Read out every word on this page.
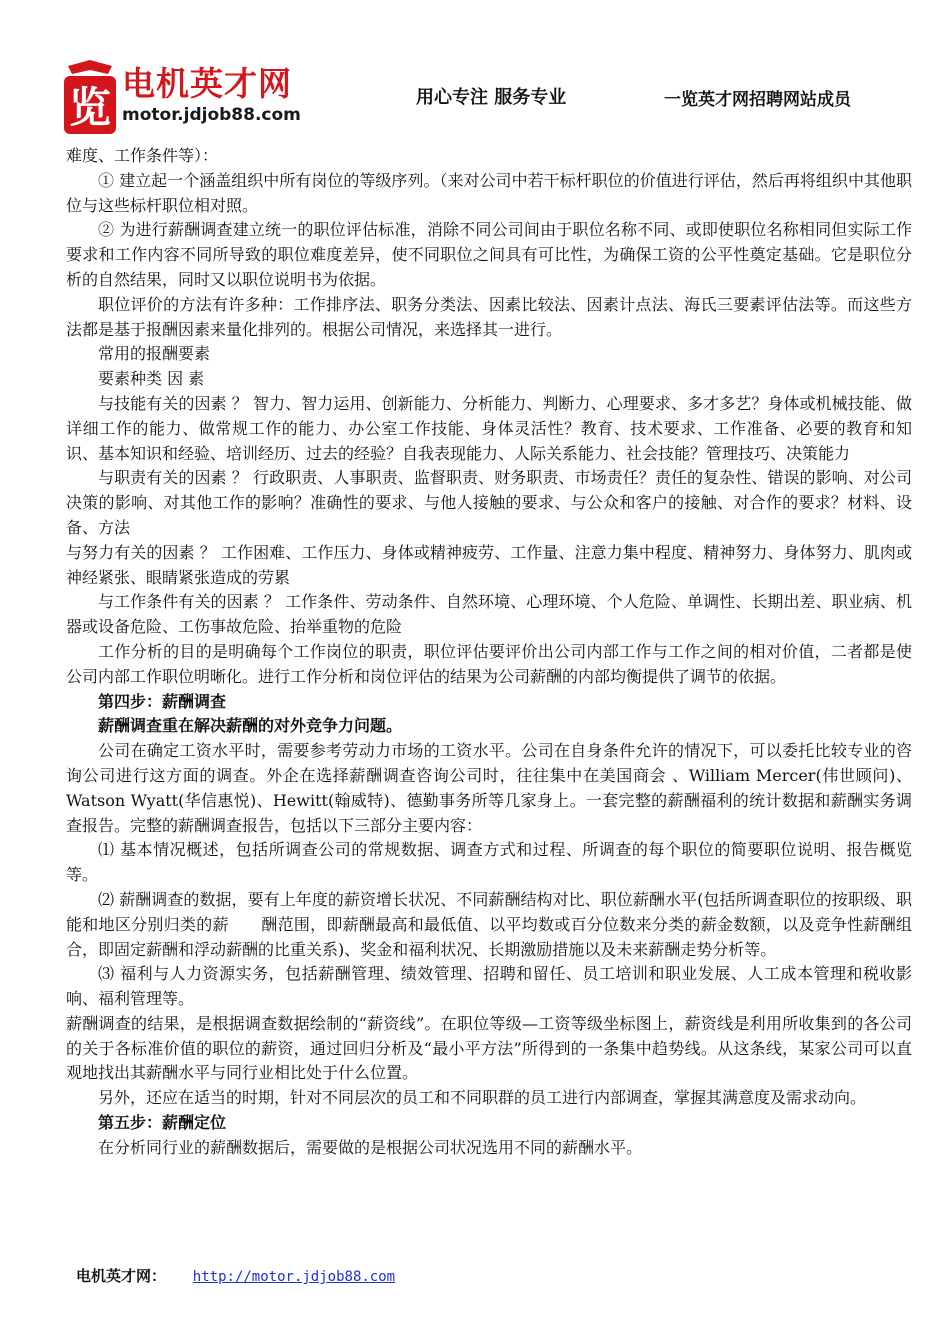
览 电机英才网
motor.jdjob88.com
用心专注 服务专业	一览英才网招聘网站成员

难度、工作条件等）：

① 建立起一个涵盖组织中所有岗位的等级序列。（来对公司中若干标杆职位的价值进行评估，然后再将组织中其他职位与这些标杆职位相对照。

② 为进行薪酬调查建立统一的职位评估标准，消除不同公司间由于职位名称不同、或即使职位名称相同但实际工作要求和工作内容不同所导致的职位难度差异，使不同职位之间具有可比性，为确保工资的公平性奠定基础。它是职位分析的自然结果，同时又以职位说明书为依据。

职位评价的方法有许多种：工作排序法、职务分类法、因素比较法、因素计点法、海氏三要素评估法等。而这些方法都是基于报酬因素来量化排列的。根据公司情况，来选择其一进行。

常用的报酬要素

要素种类 因 素

与技能有关的因素 ？ 智力、智力运用、创新能力、分析能力、判断力、心理要求、多才多艺？身体或机械技能、做详细工作的能力、做常规工作的能力、办公室工作技能、身体灵活性？教育、技术要求、工作准备、必要的教育和知识、基本知识和经验、培训经历、过去的经验？自我表现能力、人际关系能力、社会技能？管理技巧、决策能力

与职责有关的因素 ？ 行政职责、人事职责、监督职责、财务职责、市场责任？责任的复杂性、错误的影响、对公司决策的影响、对其他工作的影响？准确性的要求、与他人接触的要求、与公众和客户的接触、对合作的要求？材料、设备、方法

与努力有关的因素 ？ 工作困难、工作压力、身体或精神疲劳、工作量、注意力集中程度、精神努力、身体努力、肌肉或神经紧张、眼睛紧张造成的劳累

与工作条件有关的因素 ？ 工作条件、劳动条件、自然环境、心理环境、个人危险、单调性、长期出差、职业病、机器或设备危险、工伤事故危险、抬举重物的危险

工作分析的目的是明确每个工作岗位的职责，职位评估要评价出公司内部工作与工作之间的相对价值，二者都是使公司内部工作职位明晰化。进行工作分析和岗位评估的结果为公司薪酬的内部均衡提供了调节的依据。

第四步：薪酬调查

薪酬调查重在解决薪酬的对外竞争力问题。

公司在确定工资水平时，需要参考劳动力市场的工资水平。公司在自身条件允许的情况下，可以委托比较专业的咨询公司进行这方面的调查。外企在选择薪酬调查咨询公司时，往往集中在美国商会 、William Mercer(伟世顾问)、Watson Wyatt(华信惠悦)、Hewitt(翰威特)、德勤事务所等几家身上。一套完整的薪酬福利的统计数据和薪酬实务调查报告。完整的薪酬调查报告，包括以下三部分主要内容：

⑴ 基本情况概述，包括所调查公司的常规数据、调查方式和过程、所调查的每个职位的简要职位说明、报告概览等。

⑵ 薪酬调查的数据，要有上年度的薪资增长状况、不同薪酬结构对比、职位薪酬水平(包括所调查职位的按职级、职能和地区分别归类的薪　　酬范围，即薪酬最高和最低值、以平均数或百分位数来分类的薪金数额，以及竞争性薪酬组合，即固定薪酬和浮动薪酬的比重关系)、奖金和福利状况、长期激励措施以及未来薪酬走势分析等。

⑶ 福利与人力资源实务，包括薪酬管理、绩效管理、招聘和留任、员工培训和职业发展、人工成本管理和税收影响、福利管理等。

薪酬调查的结果，是根据调查数据绘制的“薪资线”。在职位等级—工资等级坐标图上，薪资线是利用所收集到的各公司的关于各标准价值的职位的薪资，通过回归分析及“最小平方法”所得到的一条集中趋势线。从这条线，某家公司可以直观地找出其薪酬水平与同行业相比处于什么位置。

另外，还应在适当的时期，针对不同层次的员工和不同职群的员工进行内部调查，掌握其满意度及需求动向。

第五步：薪酬定位

在分析同行业的薪酬数据后，需要做的是根据公司状况选用不同的薪酬水平。

电机英才网： http://motor.jdjob88.com
